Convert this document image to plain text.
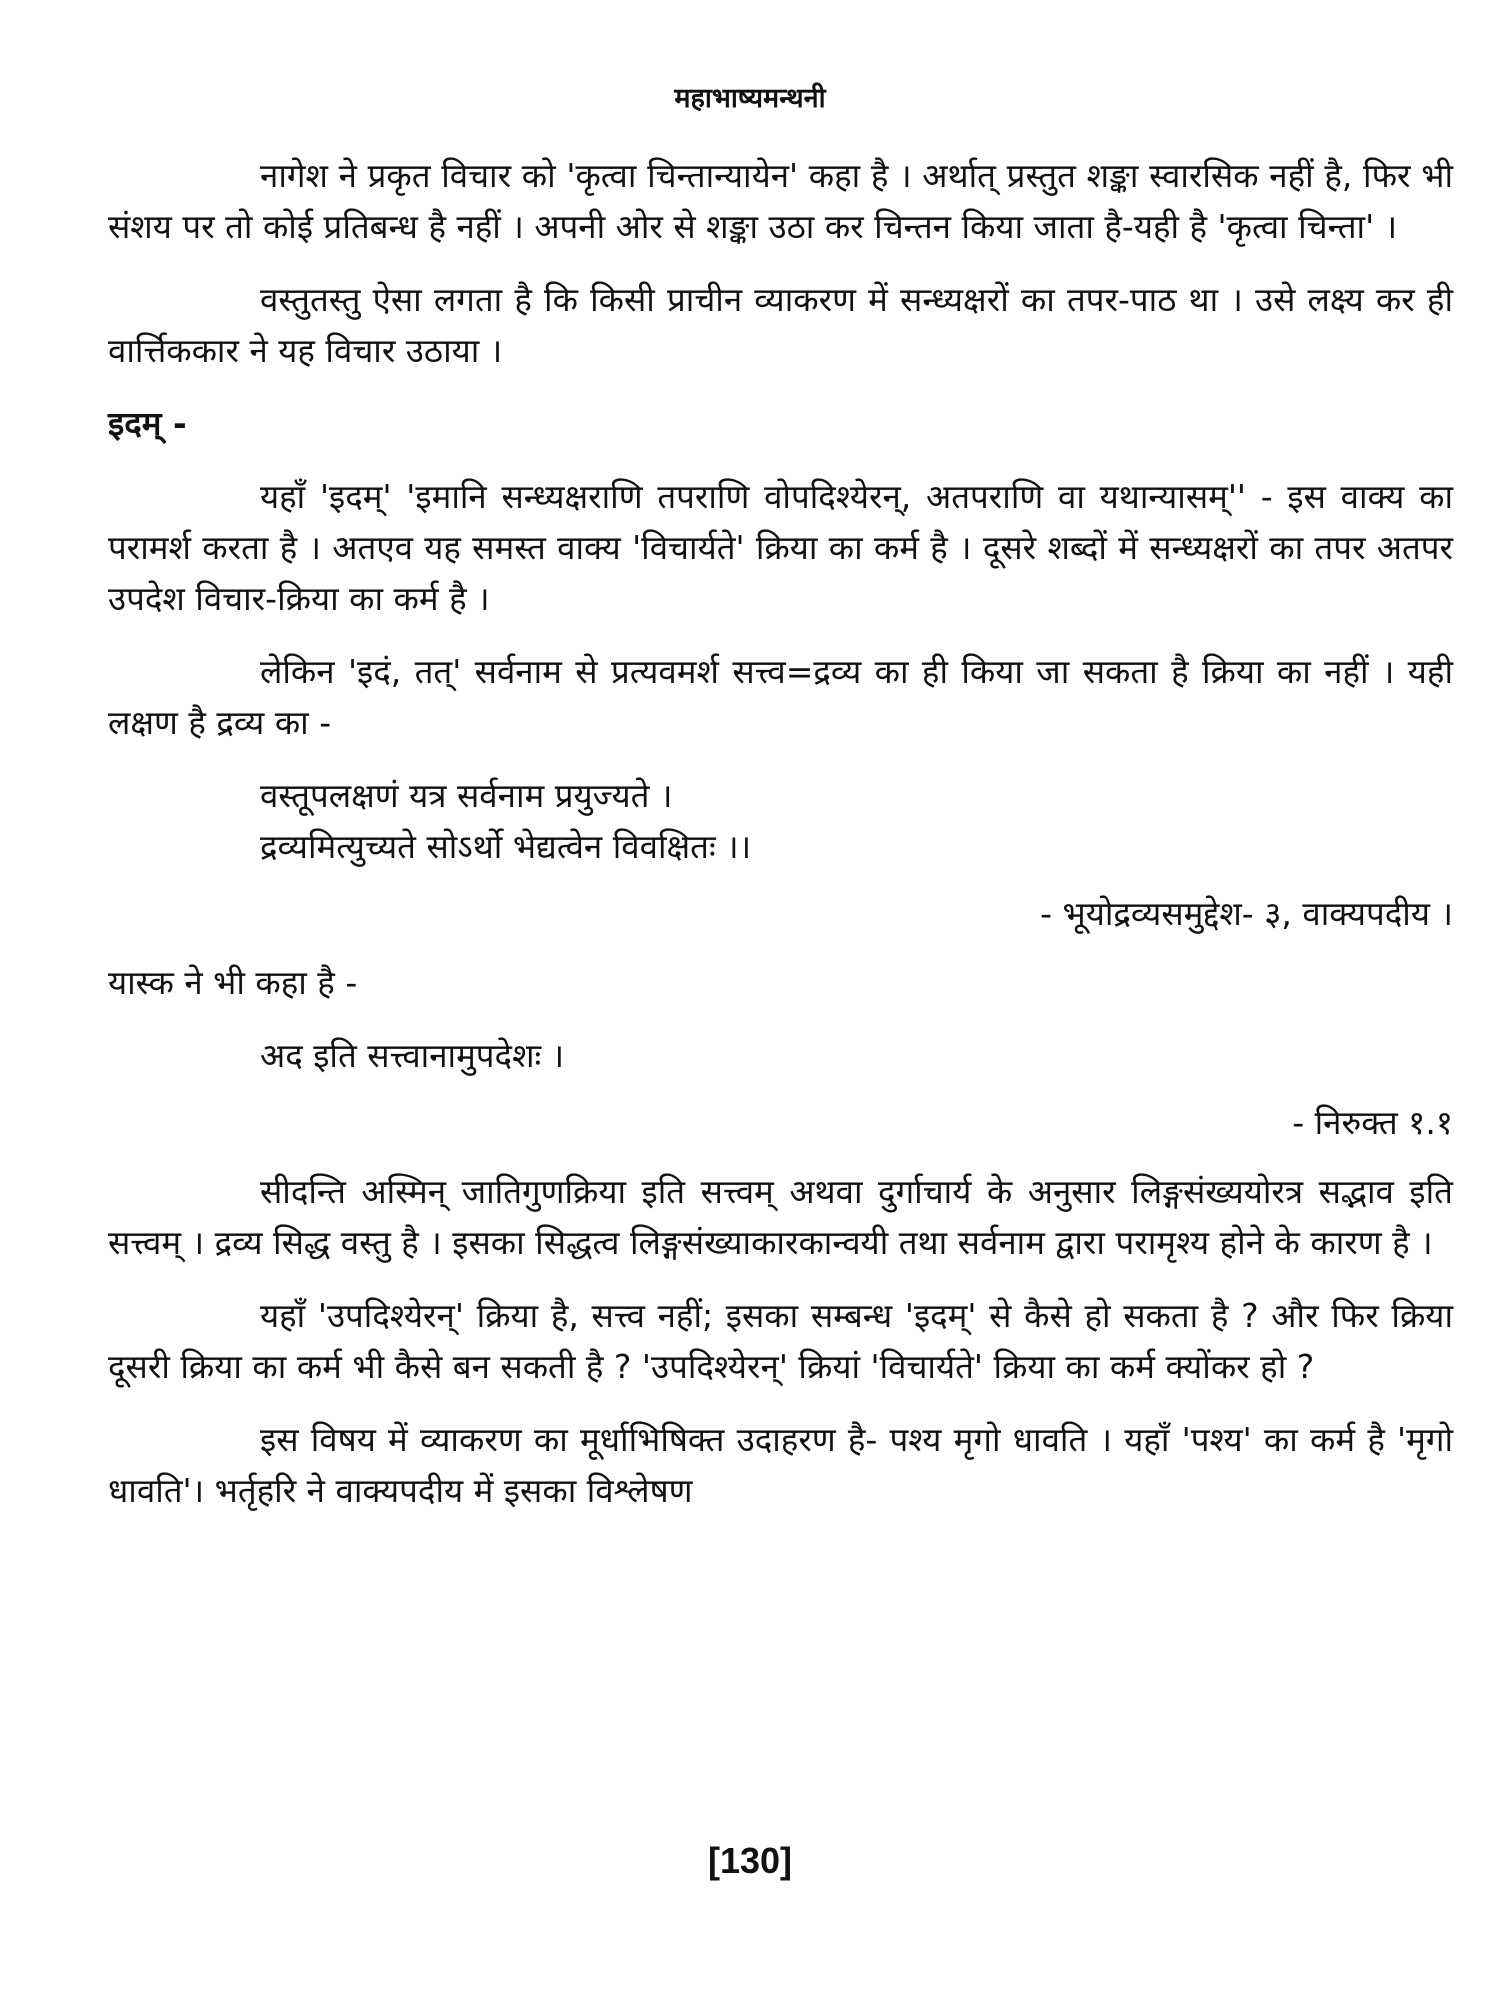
महाभाष्यमन्थनी

नागेश ने प्रकृत विचार को 'कृत्वा चिन्तान्यायेन' कहा है । अर्थात् प्रस्तुत शङ्का स्वारसिक नहीं है, फिर भी संशय पर तो कोई प्रतिबन्ध है नहीं । अपनी ओर से शङ्का उठा कर चिन्तन किया जाता है-यही है 'कृत्वा चिन्ता' ।

वस्तुतस्तु ऐसा लगता है कि किसी प्राचीन व्याकरण में सन्ध्यक्षरों का तपर-पाठ था । उसे लक्ष्य कर ही वार्त्तिककार ने यह विचार उठाया ।

इदम् -

यहाँ 'इदम्' 'इमानि सन्ध्यक्षराणि तपराणि वोपदिश्येरन्, अतपराणि वा यथान्यासम्'' - इस वाक्य का परामर्श करता है । अतएव यह समस्त वाक्य 'विचार्यते' क्रिया का कर्म है । दूसरे शब्दों में सन्ध्यक्षरों का तपर अतपर उपदेश विचार-क्रिया का कर्म है ।

लेकिन 'इदं, तत्' सर्वनाम से प्रत्यवमर्श सत्त्व=द्रव्य का ही किया जा सकता है क्रिया का नहीं । यही लक्षण है द्रव्य का -

वस्तूपलक्षणं यत्र सर्वनाम प्रयुज्यते ।

द्रव्यमित्युच्यते सोऽर्थो भेद्यत्वेन विवक्षितः ।।

- भूयोद्रव्यसमुद्देश- ३, वाक्यपदीय ।

यास्क ने भी कहा है -

अद इति सत्त्वानामुपदेशः ।

- निरुक्त १.१

सीदन्ति अस्मिन् जातिगुणक्रिया इति सत्त्वम् अथवा दुर्गाचार्य के अनुसार लिङ्गसंख्ययोरत्र सद्भाव इति सत्त्वम् । द्रव्य सिद्ध वस्तु है । इसका सिद्धत्व लिङ्गसंख्याकारकान्वयी तथा सर्वनाम द्वारा परामृश्य होने के कारण है ।

यहाँ 'उपदिश्येरन्' क्रिया है, सत्त्व नहीं; इसका सम्बन्ध 'इदम्' से कैसे हो सकता है ? और फिर क्रिया दूसरी क्रिया का कर्म भी कैसे बन सकती है ? 'उपदिश्येरन्' क्रियां 'विचार्यते' क्रिया का कर्म क्योंकर हो ?

इस विषय में व्याकरण का मूर्धाभिषिक्त उदाहरण है- पश्य मृगो धावति । यहाँ 'पश्य' का कर्म है 'मृगो धावति'। भर्तृहरि ने वाक्यपदीय में इसका विश्लेषण

[130]
